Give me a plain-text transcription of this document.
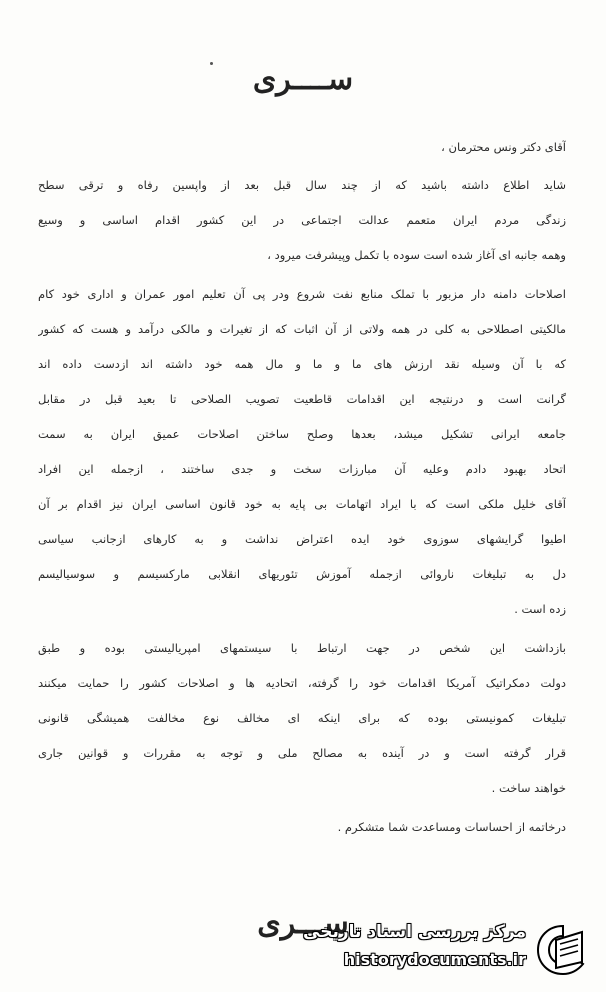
ســــری
آقای دکتر ونس محترمان ،
شاید اطلاع داشته باشید که از چند سال قبل بعد از واپسین رفاه و ترقی سطح
زندگی مردم ایران متعمم عدالت اجتماعی در این کشور اقدام اساسی و وسیع
وهمه جانبه ای آغاز شده است سوده با تکمل وپیشرفت میرود ،
اصلاحات دامنه دار مزبور با تملک منابع نفت شروع ودر پی آن تعلیم امور عمران و اداری خود کام
مالکیتی اصطلاحی به کلی در همه ولاتی از آن اثبات که از تغیرات و مالکی درآمد و هست که کشور
که با آن وسیله نقد ارزش های ما و ما و مال همه خود داشته اند ازدست داده اند
گرانت است و درنتیجه این اقدامات قاطعیت تصویب الصلاحی تا بعید قبل در مقابل
جامعه ایرانی تشکیل میشد، بعدها وصلح ساختن اصلاحات عمیق ایران به سمت
اتحاد بهبود دادم وعلیه آن مبارزات سخت و جدی ساختند ، ازجمله این افراد
آقای خلیل ملکی است که با ایراد اتهامات بی پایه به خود قانون اساسی ایران نیز اقدام بر آن
اطیوا گرایشهای سوزوی خود ایده اعتراض نداشت و به کارهای ازجانب سیاسی
دل به تبلیغات ناروائی ازجمله آموزش تئوریهای انقلابی مارکسیسم و سوسیالیسم
زده است .
بازداشت این شخص در جهت ارتباط با سیستمهای امپریالیستی بوده و طبق
دولت دمکراتیک آمریکا اقدامات خود را گرفته، اتحادیه ها و اصلاحات کشور را حمایت میکنند
تبلیغات کمونیستی بوده که برای اینکه ای مخالف نوع مخالفت همیشگی قانونی
قرار گرفته است و در آینده به مصالح ملی و توجه به مقررات و قوانین جاری
خواهند ساخت .
درخاتمه از احساسات ومساعدت شما متشکرم .
ســـری
مرکز بررسی اسناد تاریخی
historydocuments.ir
